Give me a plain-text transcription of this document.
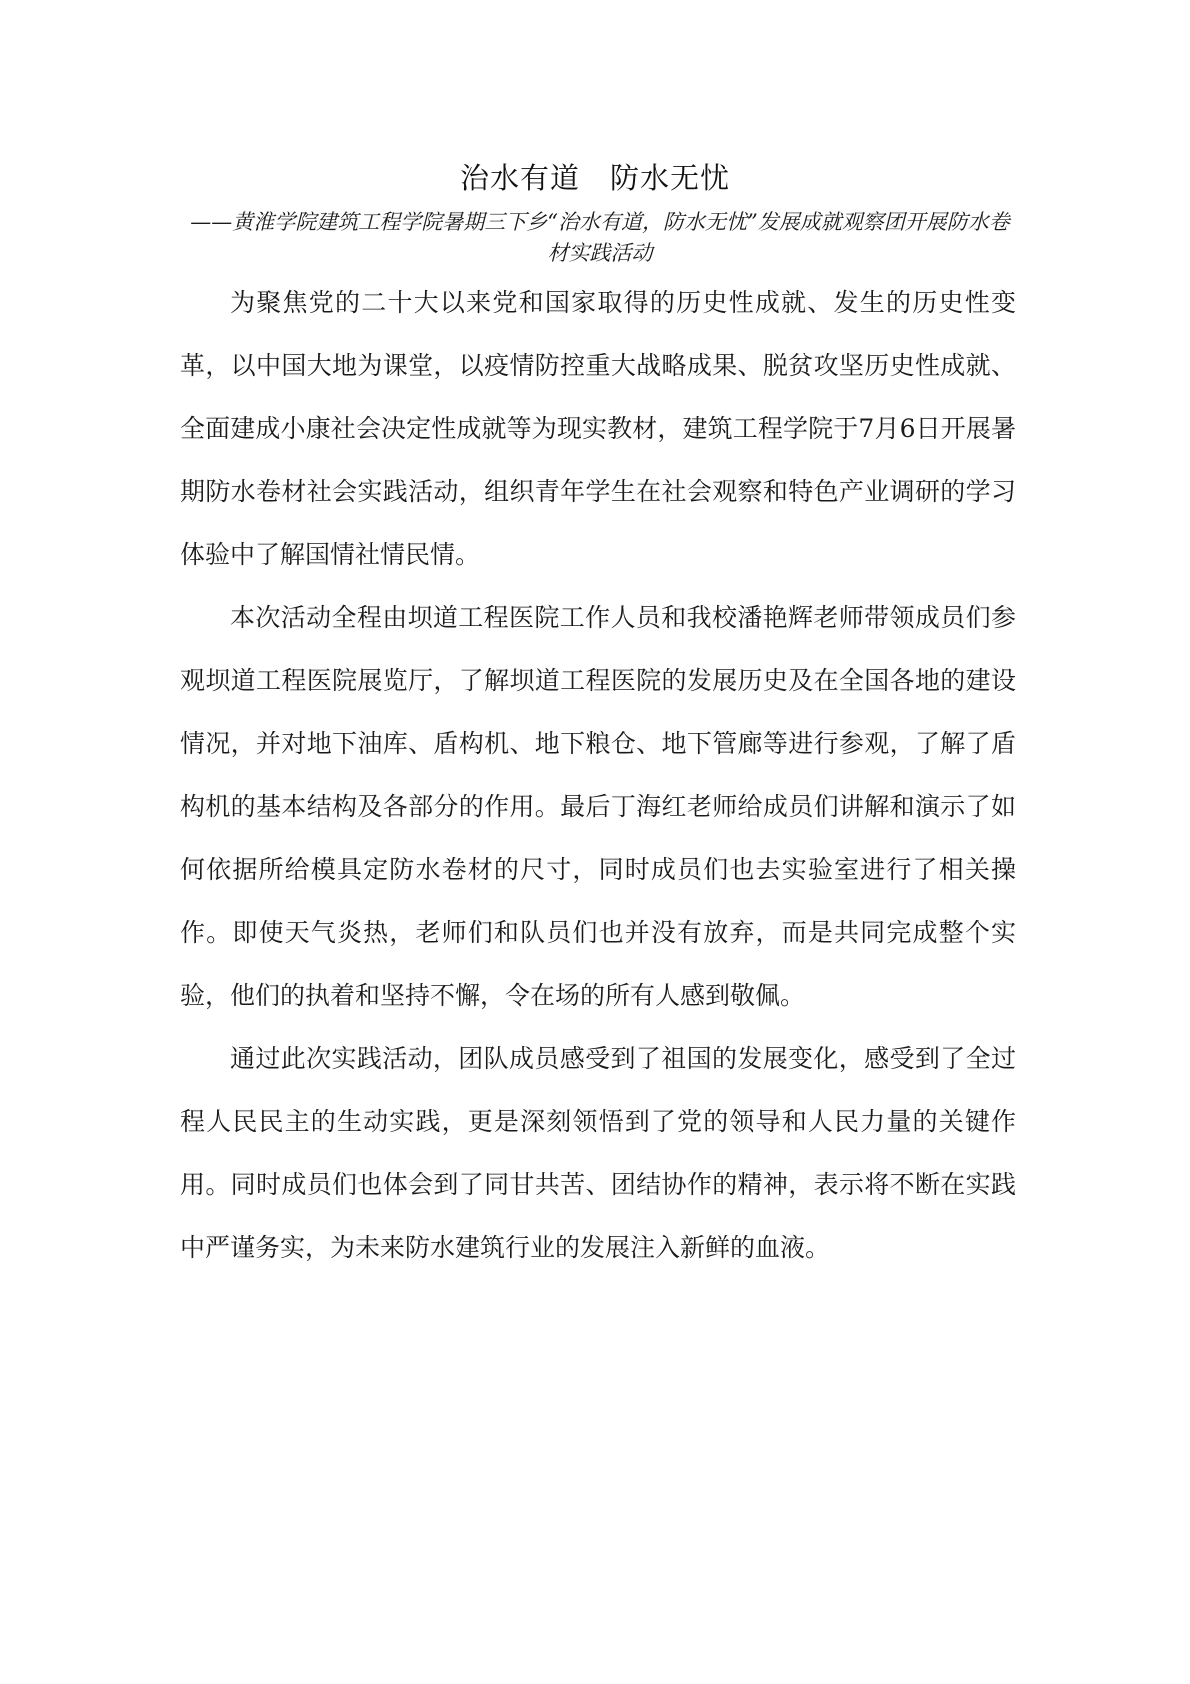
治水有道　防水无忧
——黄淮学院建筑工程学院暑期三下乡“治水有道，防水无忧”发展成就观察团开展防水卷材实践活动

为聚焦党的二十大以来党和国家取得的历史性成就、发生的历史性变革，以中国大地为课堂，以疫情防控重大战略成果、脱贫攻坚历史性成就、全面建成小康社会决定性成就等为现实教材，建筑工程学院于7月6日开展暑期防水卷材社会实践活动，组织青年学生在社会观察和特色产业调研的学习体验中了解国情社情民情。

本次活动全程由坝道工程医院工作人员和我校潘艳辉老师带领成员们参观坝道工程医院展览厅，了解坝道工程医院的发展历史及在全国各地的建设情况，并对地下油库、盾构机、地下粮仓、地下管廊等进行参观，了解了盾构机的基本结构及各部分的作用。最后丁海红老师给成员们讲解和演示了如何依据所给模具定防水卷材的尺寸，同时成员们也去实验室进行了相关操作。即使天气炎热，老师们和队员们也并没有放弃，而是共同完成整个实验，他们的执着和坚持不懈，令在场的所有人感到敬佩。

通过此次实践活动，团队成员感受到了祖国的发展变化，感受到了全过程人民民主的生动实践，更是深刻领悟到了党的领导和人民力量的关键作用。同时成员们也体会到了同甘共苦、团结协作的精神，表示将不断在实践中严谨务实，为未来防水建筑行业的发展注入新鲜的血液。
